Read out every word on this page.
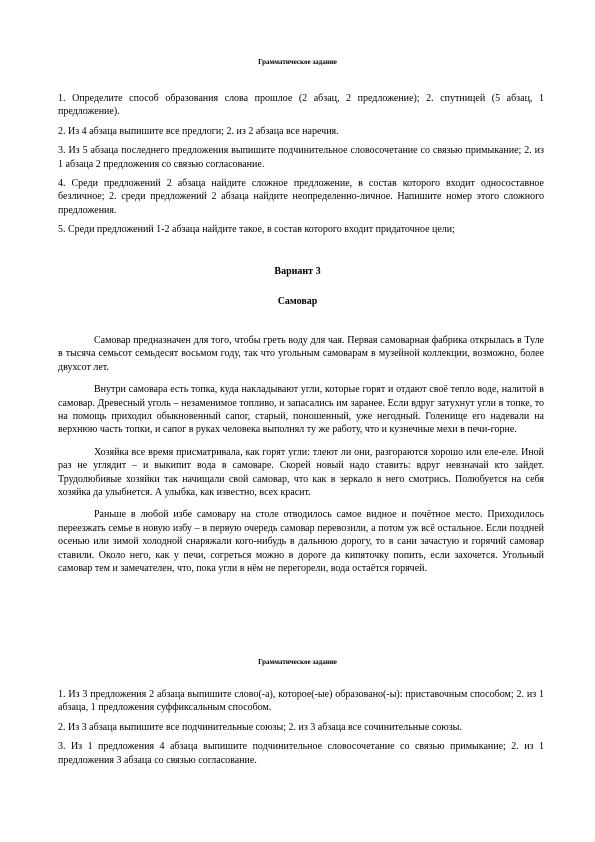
Грамматическое задание

1. Определите способ образования слова прошлое (2 абзац, 2 предложение); 2. спутницей (5 абзац, 1 предложение).

2. Из 4 абзаца выпишите все предлоги; 2. из 2 абзаца все наречия.

3. Из 5 абзаца последнего предложения выпишите подчинительное словосочетание со связью примыкание; 2. из 1 абзаца 2 предложения со связью согласование.

4. Среди предложений 2 абзаца найдите сложное предложение, в состав которого входит односоставное безличное; 2. среди предложений 2 абзаца найдите неопределенно-личное. Напишите номер этого сложного предложения.

5. Среди предложений 1-2 абзаца найдите такое, в состав которого входит придаточное цели;

Вариант 3
Самовар

Самовар предназначен для того, чтобы греть воду для чая. Первая самоварная фабрика открылась в Туле в тысяча семьсот семьдесят восьмом году, так что угольным самоварам в музейной коллекции, возможно, более двухсот лет.

Внутри самовара есть топка, куда накладывают угли, которые горят и отдают своё тепло воде, налитой в самовар. Древесный уголь – незаменимое топливо, и запасались им заранее. Если вдруг затухнут угли в топке, то на помощь приходил обыкновенный сапог, старый, поношенный, уже негодный. Голенище его надевали на верхнюю часть топки, и сапог в руках человека выполнял ту же работу, что и кузнечные мехи в печи-горне.

Хозяйка все время присматривала, как горят угли: тлеют ли они, разгораются хорошо или еле-еле. Иной раз не углядит – и выкипит вода в самоваре. Скорей новый надо ставить: вдруг невзначай кто зайдет. Трудолюбивые хозяйки так начищали свой самовар, что как в зеркало в него смотрись. Полюбуется на себя хозяйка да улыбнется. А улыбка, как известно, всех красит.

Раньше в любой избе самовару на столе отводилось самое видное и почётное место. Приходилось переезжать семье в новую избу – в первую очередь самовар перевозили, а потом уж всё остальное. Если поздней осенью или зимой холодной снаряжали кого-нибудь в дальнюю дорогу, то в сани зачастую и горячий самовар ставили. Около него, как у печи, согреться можно в дороге да кипяточку попить, если захочется. Угольный самовар тем и замечателен, что, пока угли в нём не перегорели, вода остаётся горячей.

Грамматическое задание

1. Из 3 предложения 2 абзаца выпишите слово(-а), которое(-ые) образовано(-ы): приставочным способом; 2. из 1 абзаца, 1 предложения суффиксальным способом.

2. Из 3 абзаца выпишите все подчинительные союзы; 2. из 3 абзаца все сочинительные союзы.

3. Из 1 предложения 4 абзаца выпишите подчинительное словосочетание со связью примыкание; 2. из 1 предложения 3 абзаца со связью согласование.
